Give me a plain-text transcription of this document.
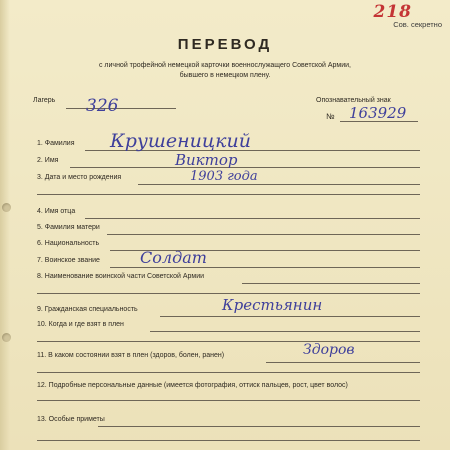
218
Сов. секретно
ПЕРЕВОД
с личной трофейной немецкой карточки военнослужащего Советской Армии,
бывшего в немецком плену.
Лагерь 326	Опознавательный знак
№ 163929
1. Фамилия Крушеницкий
2. Имя	Виктор
3. Дата и место рождения	1903 года
4. Имя отца
5. Фамилия матери
6. Национальность
7. Воинское звание	Солдат
8. Наименование воинской части Советской Армии
9. Гражданская специальность	Крестьянин
10. Когда и где взят в плен
11. В каком состоянии взят в плен (здоров, болен, ранен)	Здоров
12. Подробные персональные данные (имеется фотография, оттиск пальцев, рост, цвет волос)
13. Особые приметы
